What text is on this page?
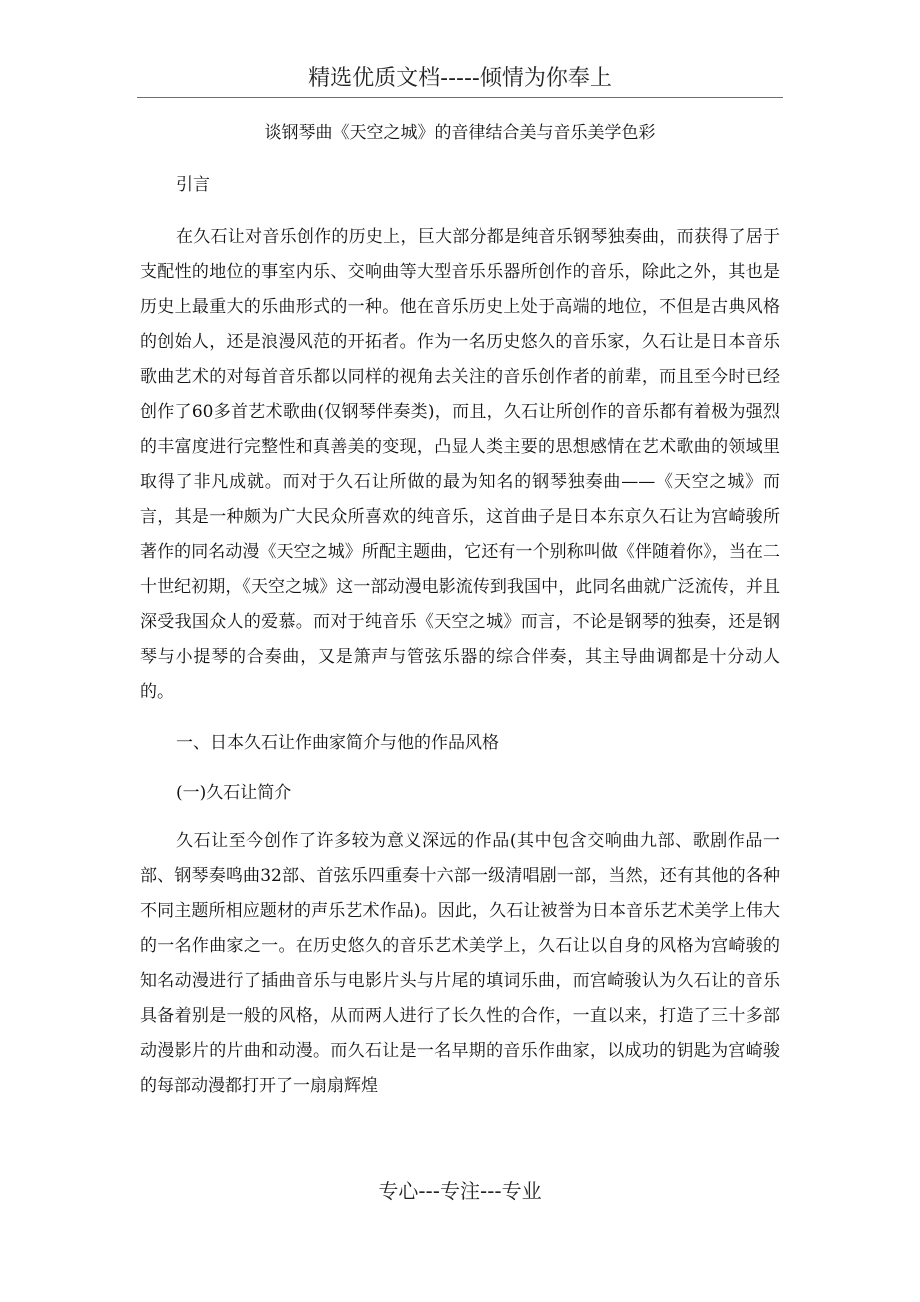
精选优质文档-----倾情为你奉上
谈钢琴曲《天空之城》的音律结合美与音乐美学色彩

引言

在久石让对音乐创作的历史上，巨大部分都是纯音乐钢琴独奏曲，而获得了居于支配性的地位的事室内乐、交响曲等大型音乐乐器所创作的音乐，除此之外，其也是历史上最重大的乐曲形式的一种。他在音乐历史上处于高端的地位，不但是古典风格的创始人，还是浪漫风范的开拓者。作为一名历史悠久的音乐家，久石让是日本音乐歌曲艺术的对每首音乐都以同样的视角去关注的音乐创作者的前辈，而且至今时已经创作了60多首艺术歌曲(仅钢琴伴奏类)，而且，久石让所创作的音乐都有着极为强烈的丰富度进行完整性和真善美的变现，凸显人类主要的思想感情在艺术歌曲的领域里取得了非凡成就。而对于久石让所做的最为知名的钢琴独奏曲——《天空之城》而言，其是一种颇为广大民众所喜欢的纯音乐，这首曲子是日本东京久石让为宫崎骏所著作的同名动漫《天空之城》所配主题曲，它还有一个别称叫做《伴随着你》，当在二十世纪初期，《天空之城》这一部动漫电影流传到我国中，此同名曲就广泛流传，并且深受我国众人的爱慕。而对于纯音乐《天空之城》而言，不论是钢琴的独奏，还是钢琴与小提琴的合奏曲，又是箫声与管弦乐器的综合伴奏，其主导曲调都是十分动人的。

一、日本久石让作曲家简介与他的作品风格

(一)久石让简介

久石让至今创作了许多较为意义深远的作品(其中包含交响曲九部、歌剧作品一部、钢琴奏鸣曲32部、首弦乐四重奏十六部一级清唱剧一部，当然，还有其他的各种不同主题所相应题材的声乐艺术作品)。因此，久石让被誉为日本音乐艺术美学上伟大的一名作曲家之一。在历史悠久的音乐艺术美学上，久石让以自身的风格为宫崎骏的知名动漫进行了插曲音乐与电影片头与片尾的填词乐曲，而宫崎骏认为久石让的音乐具备着别是一般的风格，从而两人进行了长久性的合作，一直以来，打造了三十多部动漫影片的片曲和动漫。而久石让是一名早期的音乐作曲家，以成功的钥匙为宫崎骏的每部动漫都打开了一扇扇辉煌

专心---专注---专业
